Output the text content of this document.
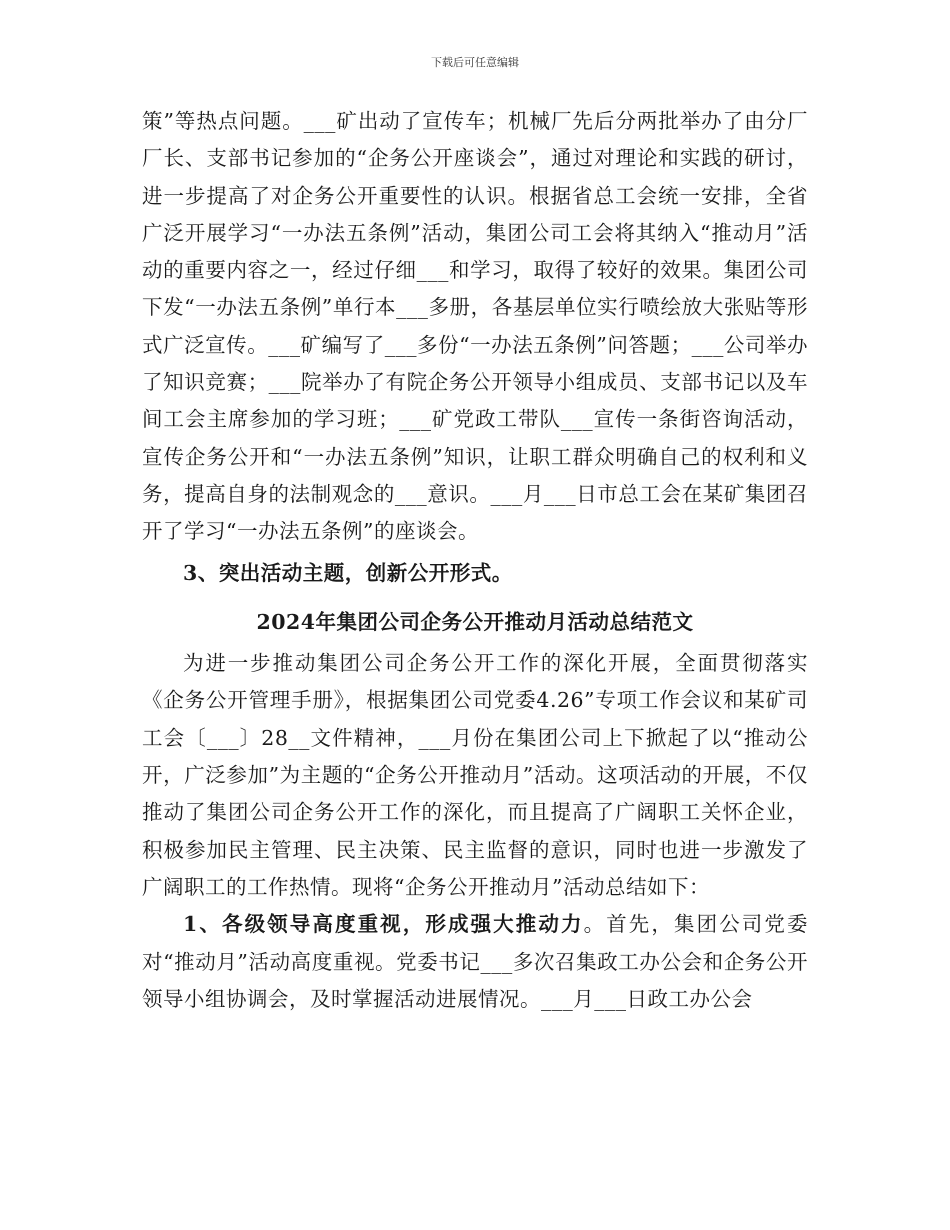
下载后可任意编辑

策”等热点问题。___矿出动了宣传车；机械厂先后分两批举办了由分厂厂长、支部书记参加的“企务公开座谈会”，通过对理论和实践的研讨，进一步提高了对企务公开重要性的认识。根据省总工会统一安排，全省广泛开展学习“一办法五条例”活动，集团公司工会将其纳入“推动月”活动的重要内容之一，经过仔细___和学习，取得了较好的效果。集团公司下发“一办法五条例”单行本___多册，各基层单位实行喷绘放大张贴等形式广泛宣传。___矿编写了___多份“一办法五条例”问答题；___公司举办了知识竞赛；___院举办了有院企务公开领导小组成员、支部书记以及车间工会主席参加的学习班；___矿党政工带队___宣传一条街咨询活动，宣传企务公开和“一办法五条例”知识，让职工群众明确自己的权利和义务，提高自身的法制观念的___意识。___月___日市总工会在某矿集团召开了学习“一办法五条例”的座谈会。

3、突出活动主题，创新公开形式。

2024年集团公司企务公开推动月活动总结范文

为进一步推动集团公司企务公开工作的深化开展，全面贯彻落实《企务公开管理手册》，根据集团公司党委4.26”专项工作会议和某矿司工会〔___〕28__文件精神，___月份在集团公司上下掀起了以“推动公开，广泛参加”为主题的“企务公开推动月”活动。这项活动的开展，不仅推动了集团公司企务公开工作的深化，而且提高了广阔职工关怀企业，积极参加民主管理、民主决策、民主监督的意识，同时也进一步激发了广阔职工的工作热情。现将“企务公开推动月”活动总结如下：

1、各级领导高度重视，形成强大推动力。首先，集团公司党委对“推动月”活动高度重视。党委书记___多次召集政工办公会和企务公开领导小组协调会，及时掌握活动进展情况。___月___日政工办公会
